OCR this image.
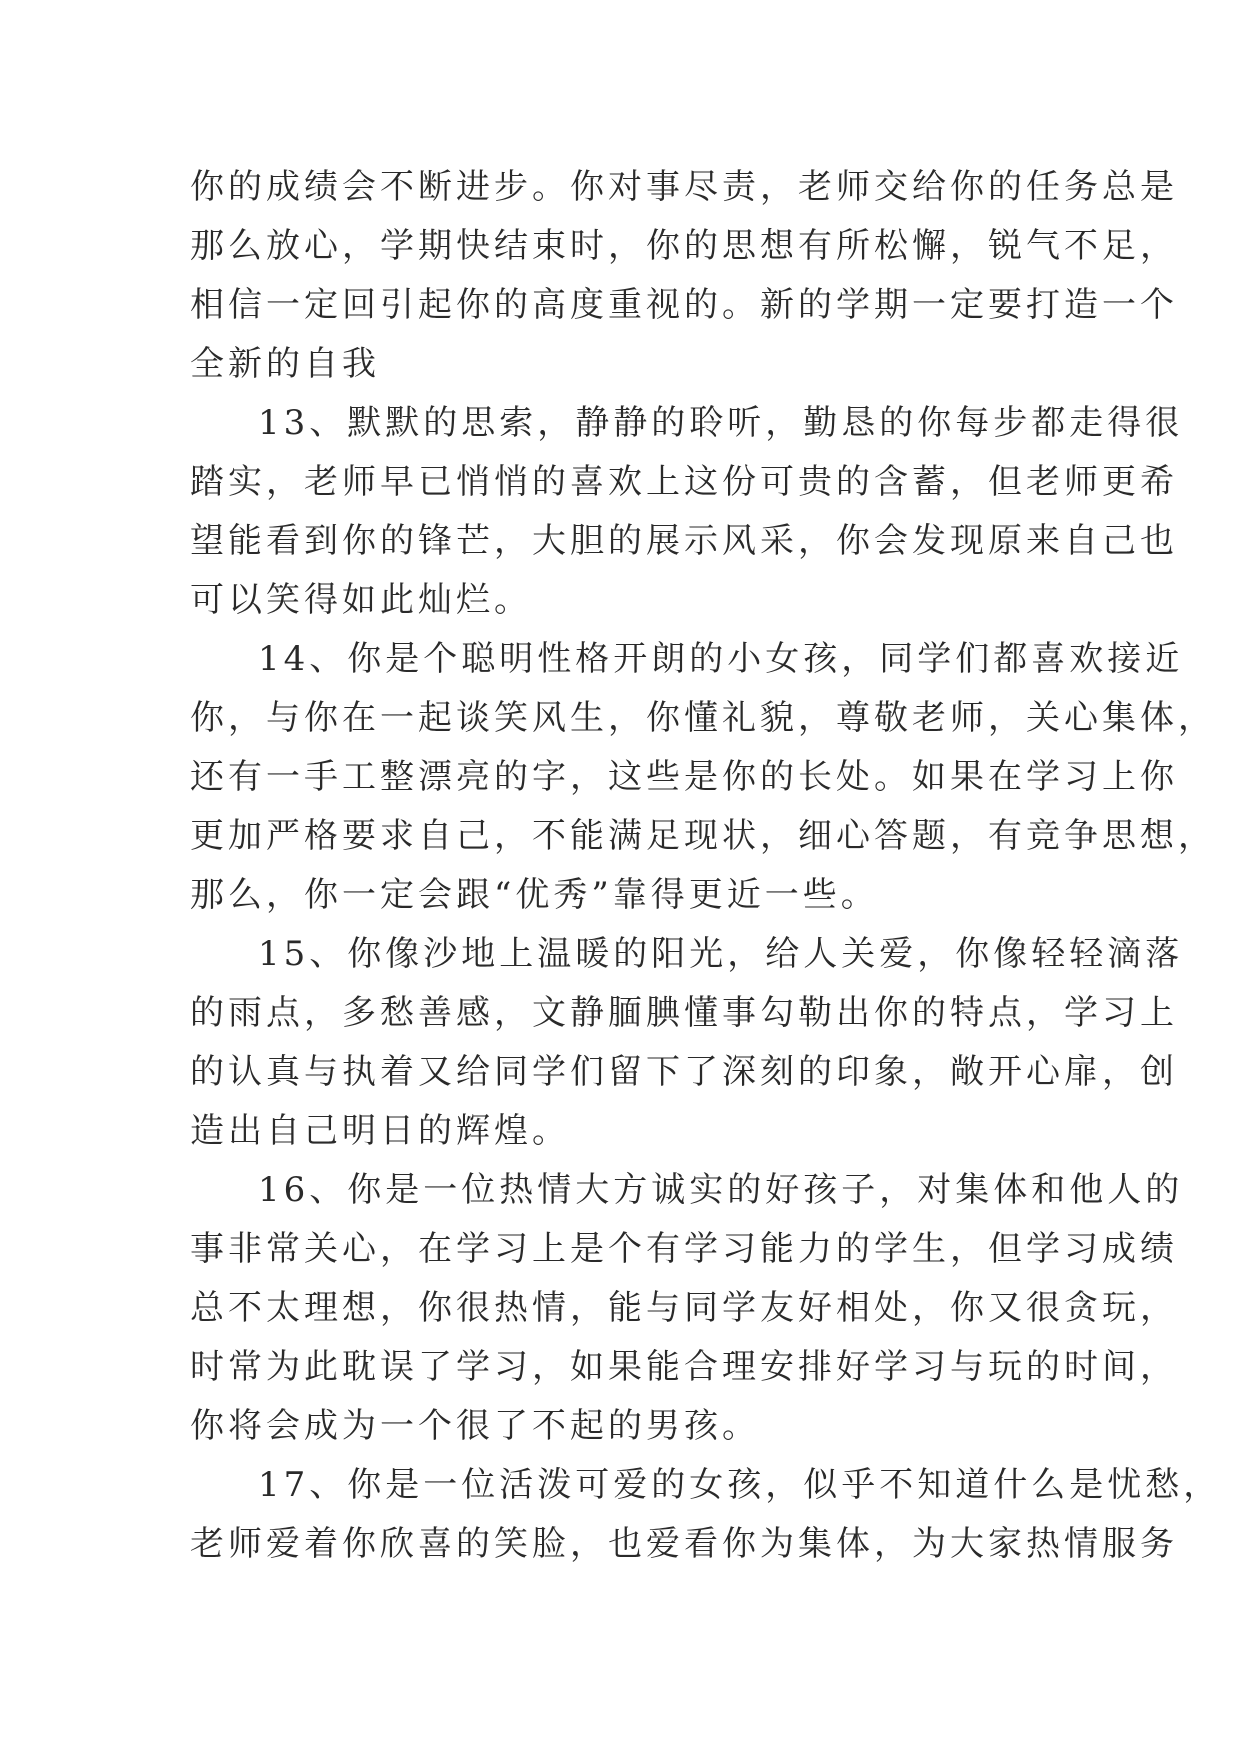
你的成绩会不断进步。你对事尽责，老师交给你的任务总是
那么放心，学期快结束时，你的思想有所松懈，锐气不足，
相信一定回引起你的高度重视的。新的学期一定要打造一个
全新的自我
13、默默的思索，静静的聆听，勤恳的你每步都走得很
踏实，老师早已悄悄的喜欢上这份可贵的含蓄，但老师更希
望能看到你的锋芒，大胆的展示风采，你会发现原来自己也
可以笑得如此灿烂。
14、你是个聪明性格开朗的小女孩，同学们都喜欢接近
你，与你在一起谈笑风生，你懂礼貌，尊敬老师，关心集体，
还有一手工整漂亮的字，这些是你的长处。如果在学习上你
更加严格要求自己，不能满足现状，细心答题，有竞争思想，
那么，你一定会跟“优秀”靠得更近一些。
15、你像沙地上温暖的阳光，给人关爱，你像轻轻滴落
的雨点，多愁善感，文静腼腆懂事勾勒出你的特点，学习上
的认真与执着又给同学们留下了深刻的印象，敞开心扉，创
造出自己明日的辉煌。
16、你是一位热情大方诚实的好孩子，对集体和他人的
事非常关心，在学习上是个有学习能力的学生，但学习成绩
总不太理想，你很热情，能与同学友好相处，你又很贪玩，
时常为此耽误了学习，如果能合理安排好学习与玩的时间，
你将会成为一个很了不起的男孩。
17、你是一位活泼可爱的女孩，似乎不知道什么是忧愁，
老师爱着你欣喜的笑脸，也爱看你为集体，为大家热情服务
